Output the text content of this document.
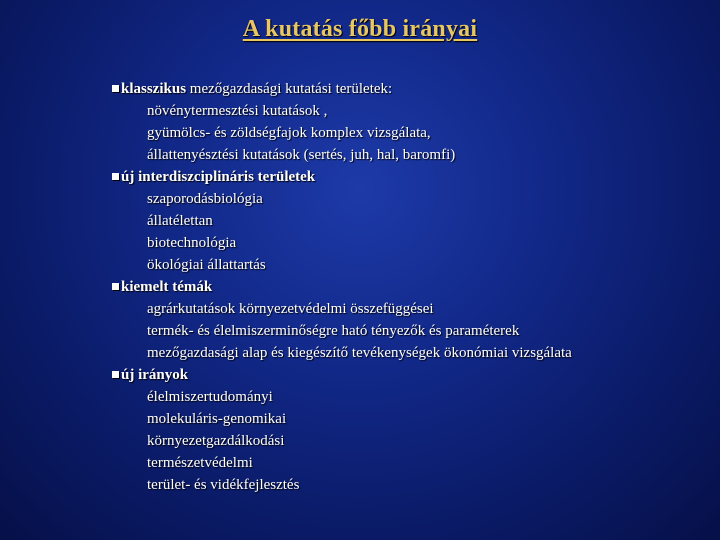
A kutatás főbb irányai
klasszikus mezőgazdasági kutatási területek:
növénytermesztési kutatások ,
gyümölcs- és zöldségfajok komplex vizsgálata,
állattenyésztési kutatások (sertés, juh, hal, baromfi)
új interdiszciplináris területek
szaporodásbiológia
állatélettan
biotechnológia
ökológiai állattartás
kiemelt témák
agrárkutatások környezetvédelmi összefüggései
termék- és élelmiszerminőségre ható tényezők és paraméterek
mezőgazdasági alap és kiegészítő tevékenységek ökonómiai vizsgálata
új irányok
élelmiszertudományi
molekuláris-genomikai
környezetgazdálkodási
természetvédelmi
terület- és vidékfejlesztés
